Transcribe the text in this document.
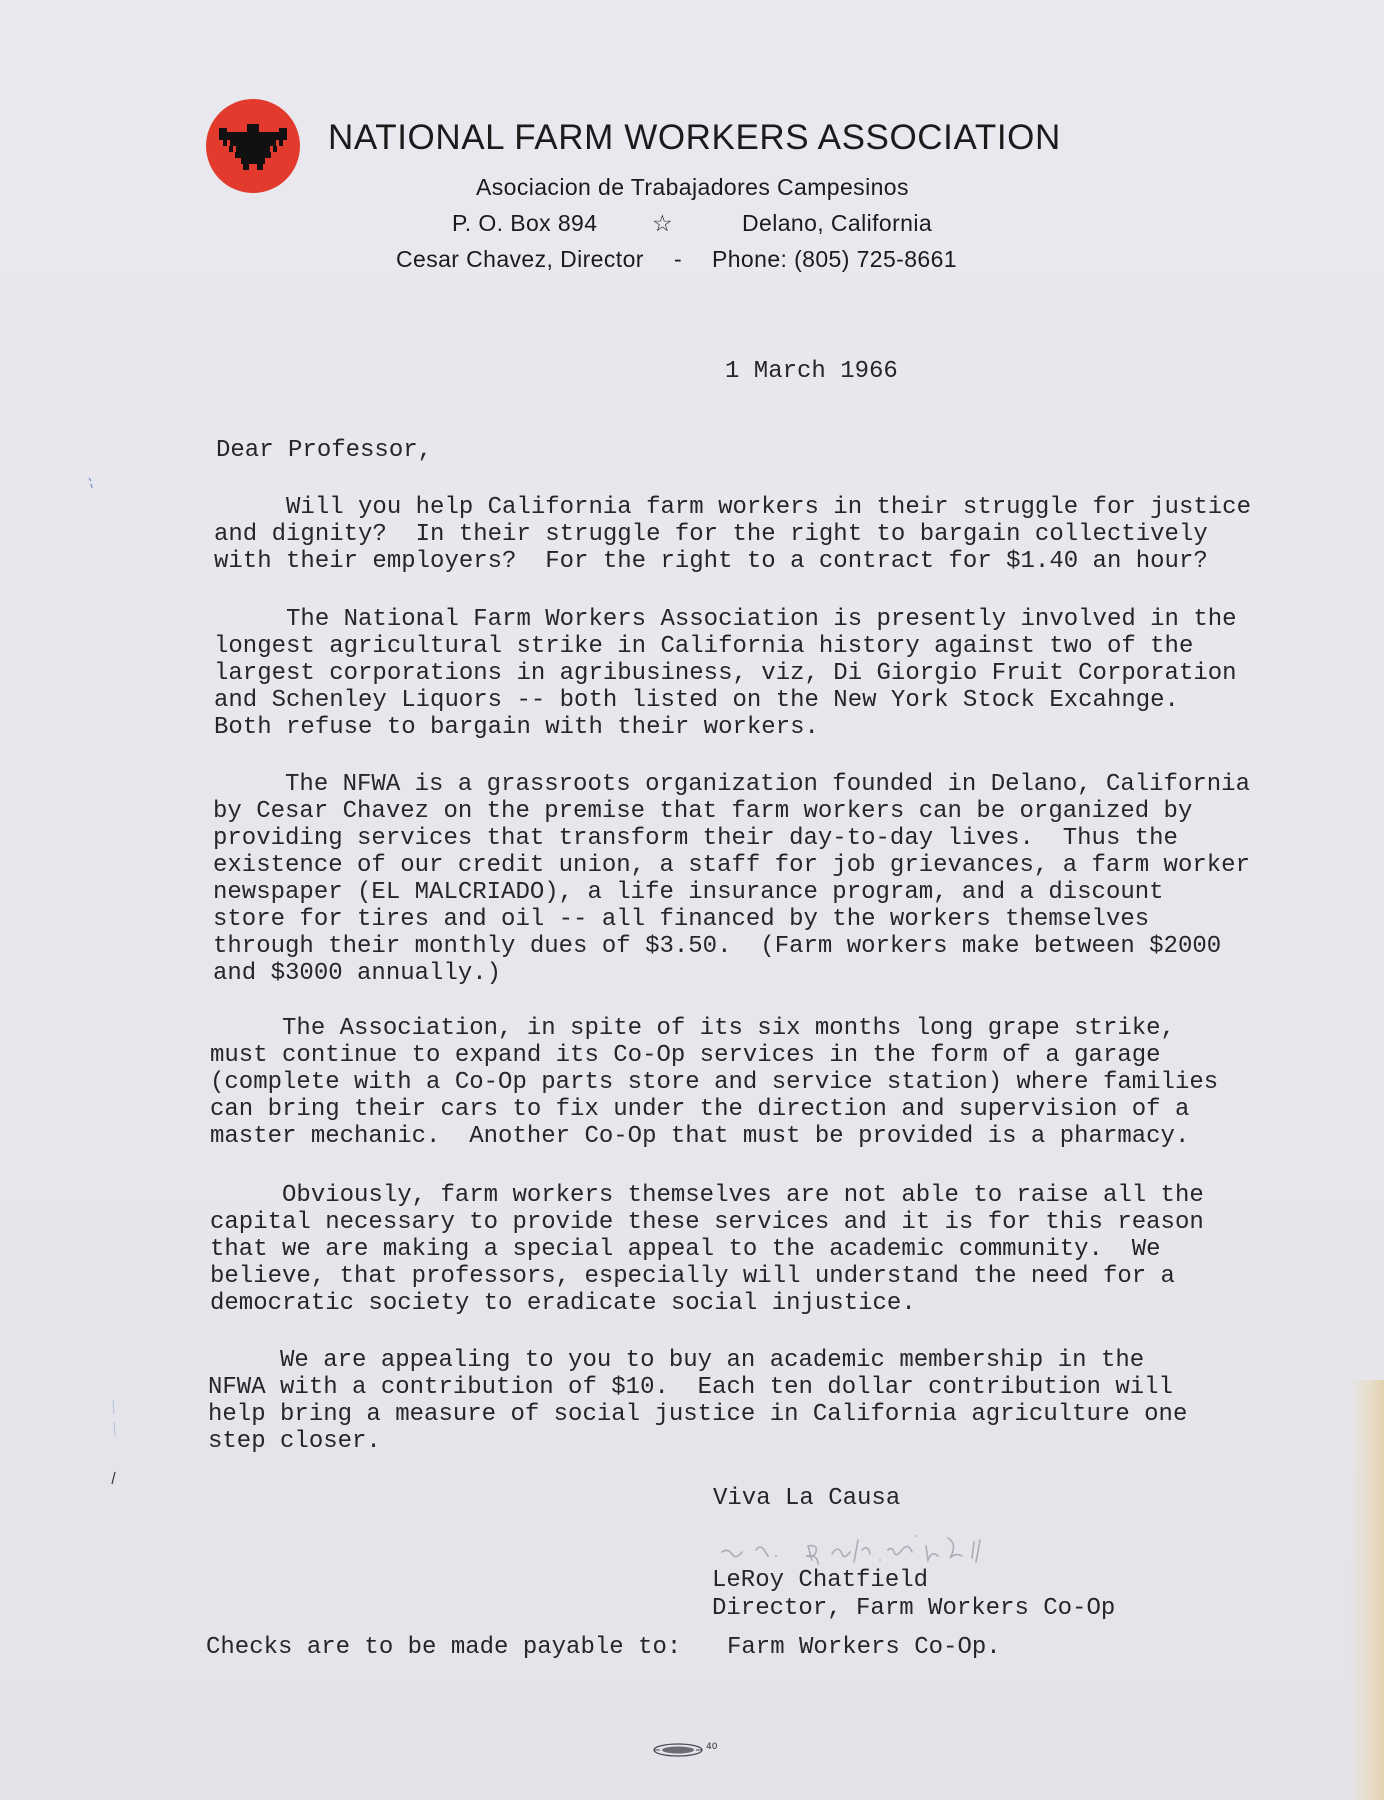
NATIONAL FARM WORKERS ASSOCIATION
Asociacion de Trabajadores Campesinos
P. O. Box 894 ☆	Delano, California
Cesar Chavez, Director - Phone: (805) 725-8661
1 March 1966
Dear Professor,

Will you help California farm workers in their struggle for justice

and dignity?  In their struggle for the right to bargain collectively

with their employers?  For the right to a contract for $1.40 an hour?

The National Farm Workers Association is presently involved in the

longest agricultural strike in California history against two of the

largest corporations in agribusiness, viz, Di Giorgio Fruit Corporation

and Schenley Liquors -- both listed on the New York Stock Excahnge.

Both refuse to bargain with their workers.

The NFWA is a grassroots organization founded in Delano, California

by Cesar Chavez on the premise that farm workers can be organized by

providing services that transform their day-to-day lives.  Thus the

existence of our credit union, a staff for job grievances, a farm worker

newspaper (EL MALCRIADO), a life insurance program, and a discount

store for tires and oil -- all financed by the workers themselves

through their monthly dues of $3.50.  (Farm workers make between $2000

and $3000 annually.)

The Association, in spite of its six months long grape strike,

must continue to expand its Co-Op services in the form of a garage

(complete with a Co-Op parts store and service station) where families

can bring their cars to fix under the direction and supervision of a

master mechanic.  Another Co-Op that must be provided is a pharmacy.

Obviously, farm workers themselves are not able to raise all the

capital necessary to provide these services and it is for this reason

that we are making a special appeal to the academic community.  We

believe, that professors, especially will understand the need for a

democratic society to eradicate social injustice.

We are appealing to you to buy an academic membership in the

NFWA with a contribution of $10.  Each ten dollar contribution will

help bring a measure of social justice in California agriculture one

step closer.

Viva La Causa
LeRoy Chatfield
Director, Farm Workers Co-Op
Checks are to be made payable to: Farm Workers Co-Op.
40
